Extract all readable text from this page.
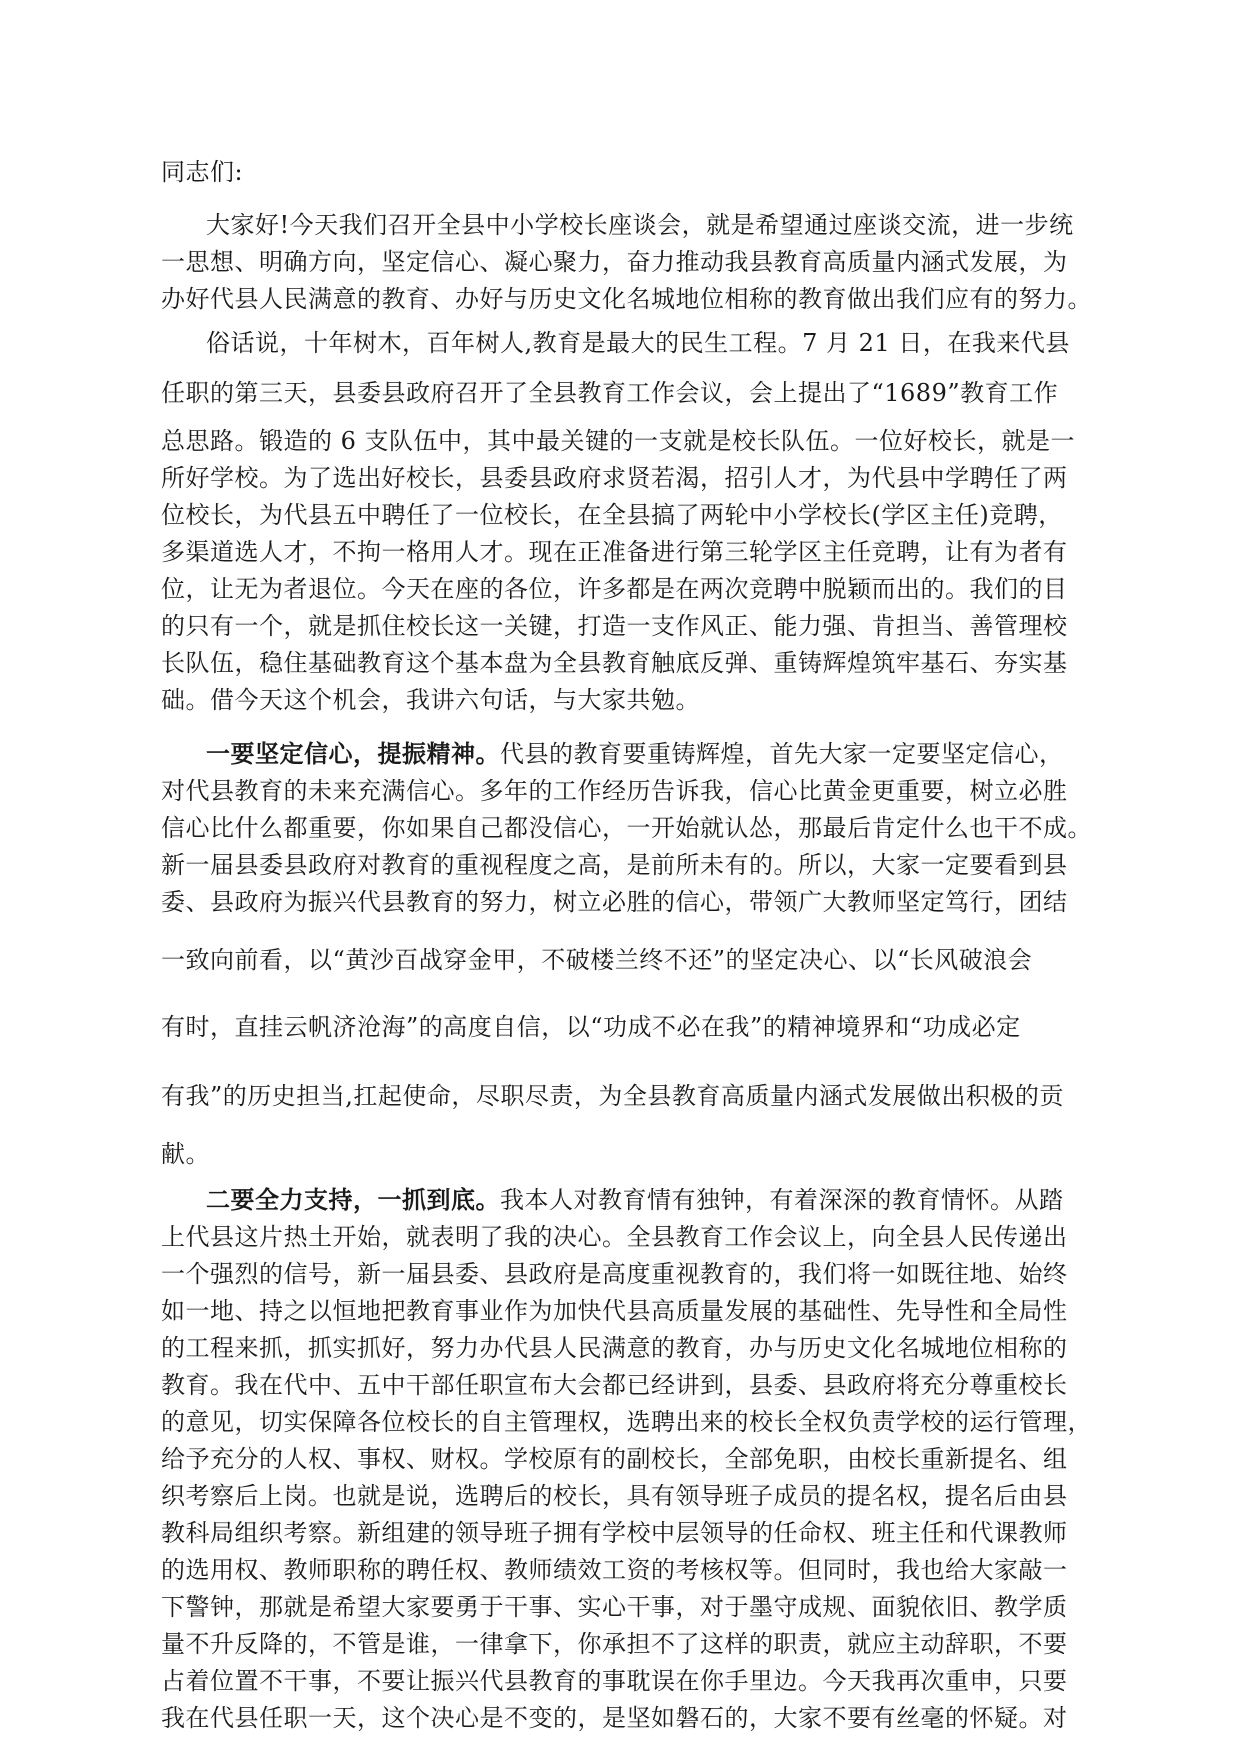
同志们:

大家好!今天我们召开全县中小学校长座谈会，就是希望通过座谈交流，进一步统

一思想、明确方向，坚定信心、凝心聚力，奋力推动我县教育高质量内涵式发展，为

办好代县人民满意的教育、办好与历史文化名城地位相称的教育做出我们应有的努力。

俗话说，十年树木，百年树人,教育是最大的民生工程。7 月 21 日，在我来代县

任职的第三天，县委县政府召开了全县教育工作会议，会上提出了“1689”教育工作

总思路。锻造的 6 支队伍中，其中最关键的一支就是校长队伍。一位好校长，就是一

所好学校。为了选出好校长，县委县政府求贤若渴，招引人才，为代县中学聘任了两

位校长，为代县五中聘任了一位校长，在全县搞了两轮中小学校长(学区主任)竞聘，

多渠道选人才，不拘一格用人才。现在正准备进行第三轮学区主任竞聘，让有为者有

位，让无为者退位。今天在座的各位，许多都是在两次竞聘中脱颖而出的。我们的目

的只有一个，就是抓住校长这一关键，打造一支作风正、能力强、肯担当、善管理校

长队伍，稳住基础教育这个基本盘为全县教育触底反弹、重铸辉煌筑牢基石、夯实基

础。借今天这个机会，我讲六句话，与大家共勉。

一要坚定信心，提振精神。代县的教育要重铸辉煌，首先大家一定要坚定信心，

对代县教育的未来充满信心。多年的工作经历告诉我，信心比黄金更重要，树立必胜

信心比什么都重要，你如果自己都没信心，一开始就认怂，那最后肯定什么也干不成。

新一届县委县政府对教育的重视程度之高，是前所未有的。所以，大家一定要看到县

委、县政府为振兴代县教育的努力，树立必胜的信心，带领广大教师坚定笃行，团结

一致向前看，以“黄沙百战穿金甲，不破楼兰终不还”的坚定决心、以“长风破浪会

有时，直挂云帆济沧海”的高度自信，以“功成不必在我”的精神境界和“功成必定

有我”的历史担当,扛起使命，尽职尽责，为全县教育高质量内涵式发展做出积极的贡

献。

二要全力支持，一抓到底。我本人对教育情有独钟，有着深深的教育情怀。从踏

上代县这片热土开始，就表明了我的决心。全县教育工作会议上，向全县人民传递出

一个强烈的信号，新一届县委、县政府是高度重视教育的，我们将一如既往地、始终

如一地、持之以恒地把教育事业作为加快代县高质量发展的基础性、先导性和全局性

的工程来抓，抓实抓好，努力办代县人民满意的教育，办与历史文化名城地位相称的

教育。我在代中、五中干部任职宣布大会都已经讲到，县委、县政府将充分尊重校长

的意见，切实保障各位校长的自主管理权，选聘出来的校长全权负责学校的运行管理，

给予充分的人权、事权、财权。学校原有的副校长，全部免职，由校长重新提名、组

织考察后上岗。也就是说，选聘后的校长，具有领导班子成员的提名权，提名后由县

教科局组织考察。新组建的领导班子拥有学校中层领导的任命权、班主任和代课教师

的选用权、教师职称的聘任权、教师绩效工资的考核权等。但同时，我也给大家敲一

下警钟，那就是希望大家要勇于干事、实心干事，对于墨守成规、面貌依旧、教学质

量不升反降的，不管是谁，一律拿下，你承担不了这样的职责，就应主动辞职，不要

占着位置不干事，不要让振兴代县教育的事耽误在你手里边。今天我再次重申，只要

我在代县任职一天，这个决心是不变的，是坚如磐石的，大家不要有丝毫的怀疑。对
